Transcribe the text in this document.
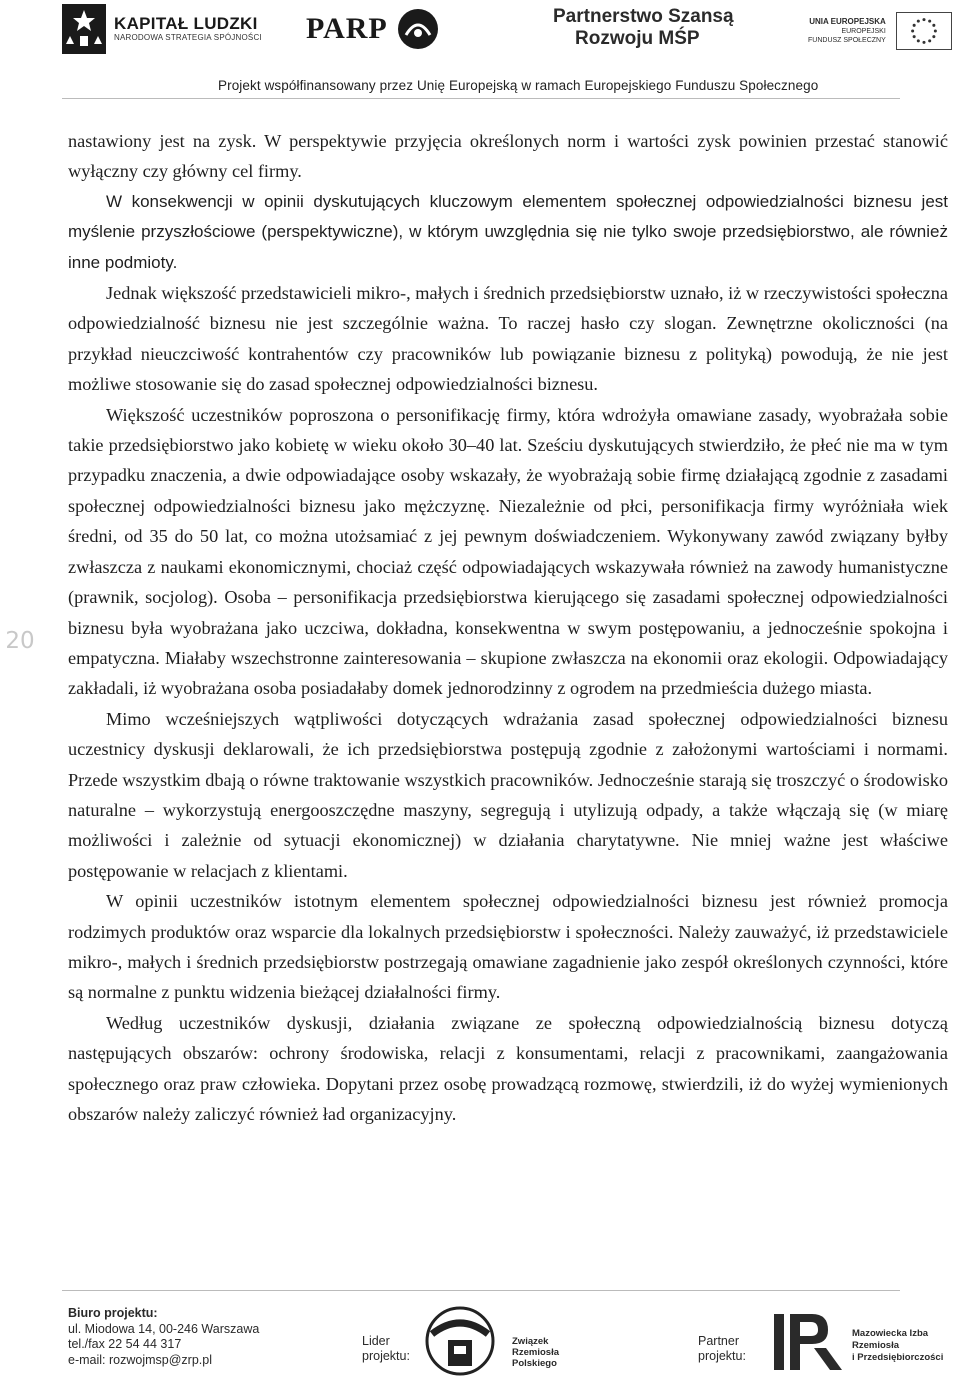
KAPITAŁ LUDZKI
NARODOWA STRATEGIA SPÓJNOŚCI PARP	Partnerstwo Szansą
Rozwoju MŚP
UNIA EUROPEJSKA
EUROPEJSKI
FUNDUSZ SPOŁECZNY
Projekt współfinansowany przez Unię Europejską w ramach Europejskiego Funduszu Społecznego
20

nastawiony jest na zysk. W perspektywie przyjęcia określonych norm i wartości zysk powinien przestać stanowić wyłączny czy główny cel firmy.

W konsekwencji w opinii dyskutujących kluczowym elementem społecznej odpowiedzialności biznesu jest myślenie przyszłościowe (perspektywiczne), w którym uwzględnia się nie tylko swoje przedsiębiorstwo, ale również inne podmioty.

Jednak większość przedstawicieli mikro-, małych i średnich przedsiębiorstw uznało, iż w rzeczywistości społeczna odpowiedzialność biznesu nie jest szczególnie ważna. To raczej hasło czy slogan. Zewnętrzne okoliczności (na przykład nieuczciwość kontrahentów czy pracowników lub powiązanie biznesu z polityką) powodują, że nie jest możliwe stosowanie się do zasad społecznej odpowiedzialności biznesu.

Większość uczestników poproszona o personifikację firmy, która wdrożyła omawiane zasady, wyobrażała sobie takie przedsiębiorstwo jako kobietę w wieku około 30–40 lat. Sześciu dyskutujących stwierdziło, że płeć nie ma w tym przypadku znaczenia, a dwie odpowiadające osoby wskazały, że wyobrażają sobie firmę działającą zgodnie z zasadami społecznej odpowiedzialności biznesu jako mężczyznę. Niezależnie od płci, personifikacja firmy wyróżniała wiek średni, od 35 do 50 lat, co można utożsamiać z jej pewnym doświadczeniem. Wykonywany zawód związany byłby zwłaszcza z naukami ekonomicznymi, chociaż część odpowiadających wskazywała również na zawody humanistyczne (prawnik, socjolog). Osoba – personifikacja przedsiębiorstwa kierującego się zasadami społecznej odpowiedzialności biznesu była wyobrażana jako uczciwa, dokładna, konsekwentna w swym postępowaniu, a jednocześnie spokojna i empatyczna. Miałaby wszechstronne zainteresowania – skupione zwłaszcza na ekonomii oraz ekologii. Odpowiadający zakładali, iż wyobrażana osoba posiadałaby domek jednorodzinny z ogrodem na przedmieścia dużego miasta.

Mimo wcześniejszych wątpliwości dotyczących wdrażania zasad społecznej odpowiedzialności biznesu uczestnicy dyskusji deklarowali, że ich przedsiębiorstwa postępują zgodnie z założonymi wartościami i normami. Przede wszystkim dbają o równe traktowanie wszystkich pracowników. Jednocześnie starają się troszczyć o środowisko naturalne – wykorzystują energooszczędne maszyny, segregują i utylizują odpady, a także włączają się (w miarę możliwości i zależnie od sytuacji ekonomicznej) w działania charytatywne. Nie mniej ważne jest właściwe postępowanie w relacjach z klientami.

W opinii uczestników istotnym elementem społecznej odpowiedzialności biznesu jest również promocja rodzimych produktów oraz wsparcie dla lokalnych przedsiębiorstw i społeczności. Należy zauważyć, iż przedstawiciele mikro-, małych i średnich przedsiębiorstw postrzegają omawiane zagadnienie jako zespół określonych czynności, które są normalne z punktu widzenia bieżącej działalności firmy.

Według uczestników dyskusji, działania związane ze społeczną odpowiedzialnością biznesu dotyczą następujących obszarów: ochrony środowiska, relacji z konsumentami, relacji z pracownikami, zaangażowania społecznego oraz praw człowieka. Dopytani przez osobę prowadzącą rozmowę, stwierdzili, iż do wyżej wymienionych obszarów należy zaliczyć również ład organizacyjny.

Biuro projektu:
ul. Miodowa 14, 00-246 Warszawa
tel./fax 22 54 44 317
e-mail: rozwojmsp@zrp.pl
Lider
projektu:
Związek
Rzemiosła
Polskiego
Partner
projektu:
Mazowiecka Izba
Rzemiosła
i Przedsiębiorczości
